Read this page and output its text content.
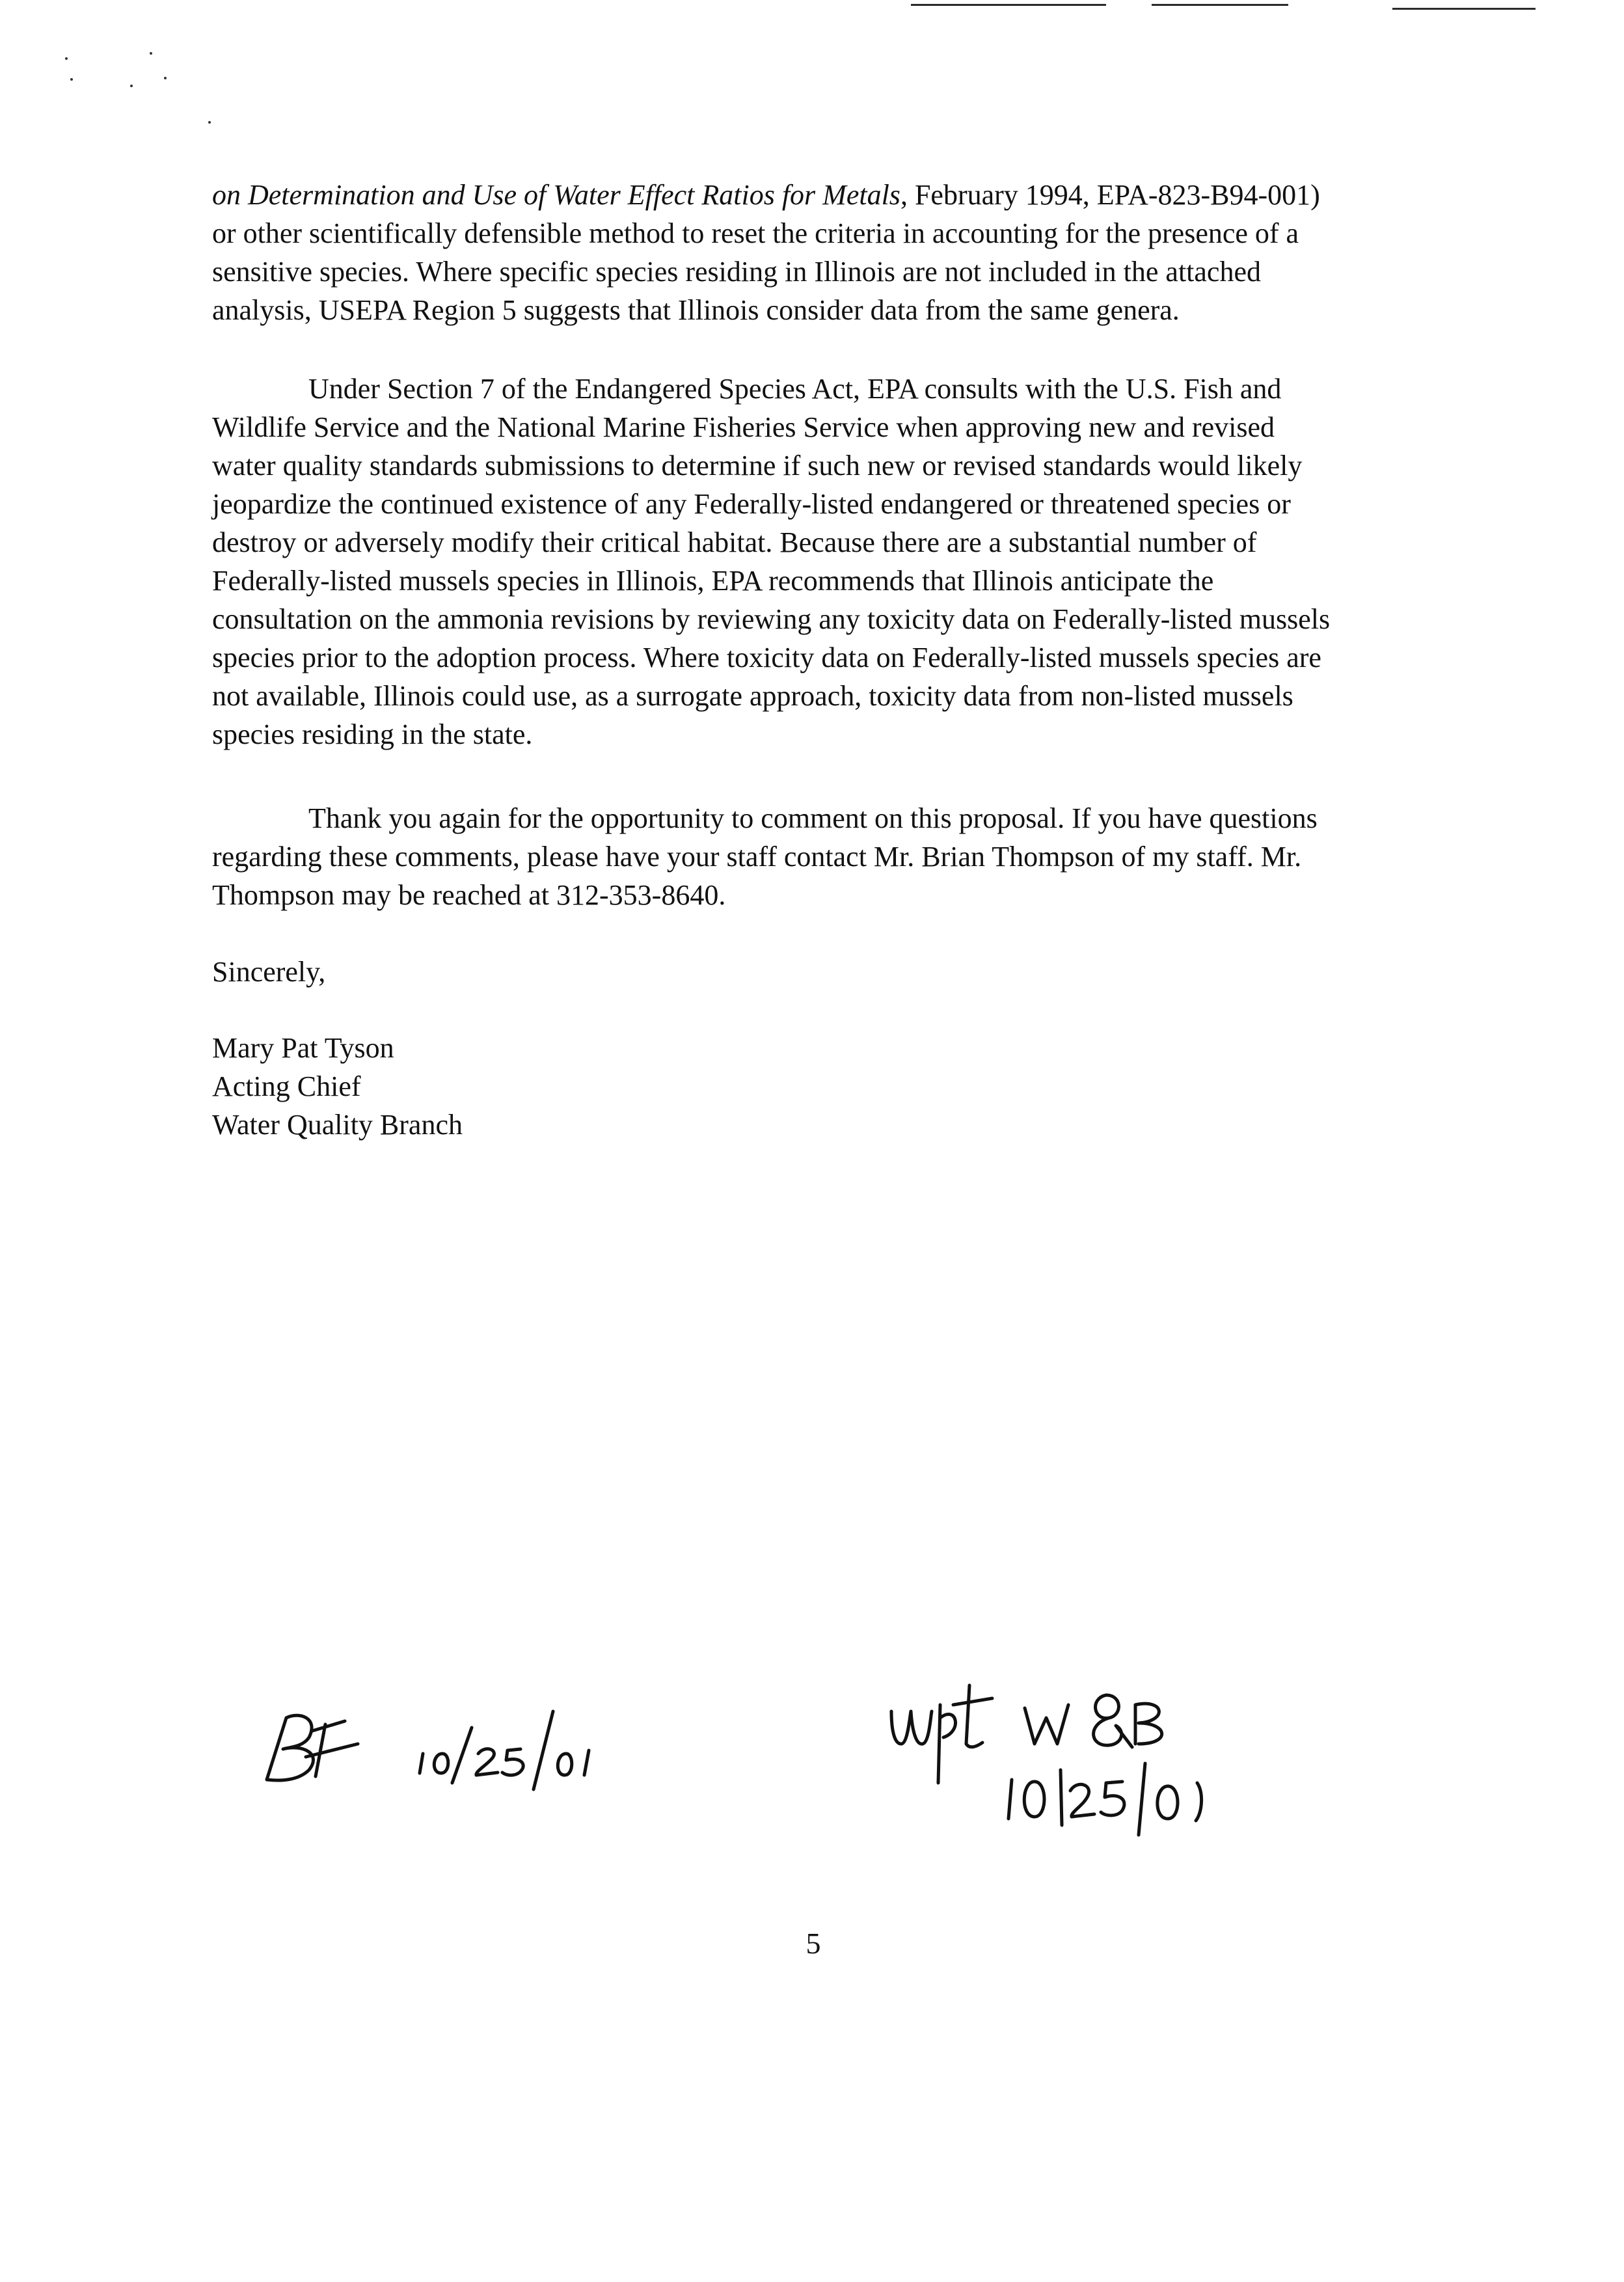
on Determination and Use of Water Effect Ratios for Metals, February 1994, EPA-823-B94-001)
or other scientifically defensible method to reset the criteria in accounting for the presence of a
sensitive species. Where specific species residing in Illinois are not included in the attached
analysis, USEPA Region 5 suggests that Illinois consider data from the same genera.
Under Section 7 of the Endangered Species Act, EPA consults with the U.S. Fish and
Wildlife Service and the National Marine Fisheries Service when approving new and revised
water quality standards submissions to determine if such new or revised standards would likely
jeopardize the continued existence of any Federally-listed endangered or threatened species or
destroy or adversely modify their critical habitat. Because there are a substantial number of
Federally-listed mussels species in Illinois, EPA recommends that Illinois anticipate the
consultation on the ammonia revisions by reviewing any toxicity data on Federally-listed mussels
species prior to the adoption process. Where toxicity data on Federally-listed mussels species are
not available, Illinois could use, as a surrogate approach, toxicity data from non-listed mussels
species residing in the state.
Thank you again for the opportunity to comment on this proposal. If you have questions
regarding these comments, please have your staff contact Mr. Brian Thompson of my staff. Mr.
Thompson may be reached at 312-353-8640.
Sincerely,
Mary Pat Tyson
Acting Chief
Water Quality Branch
5
